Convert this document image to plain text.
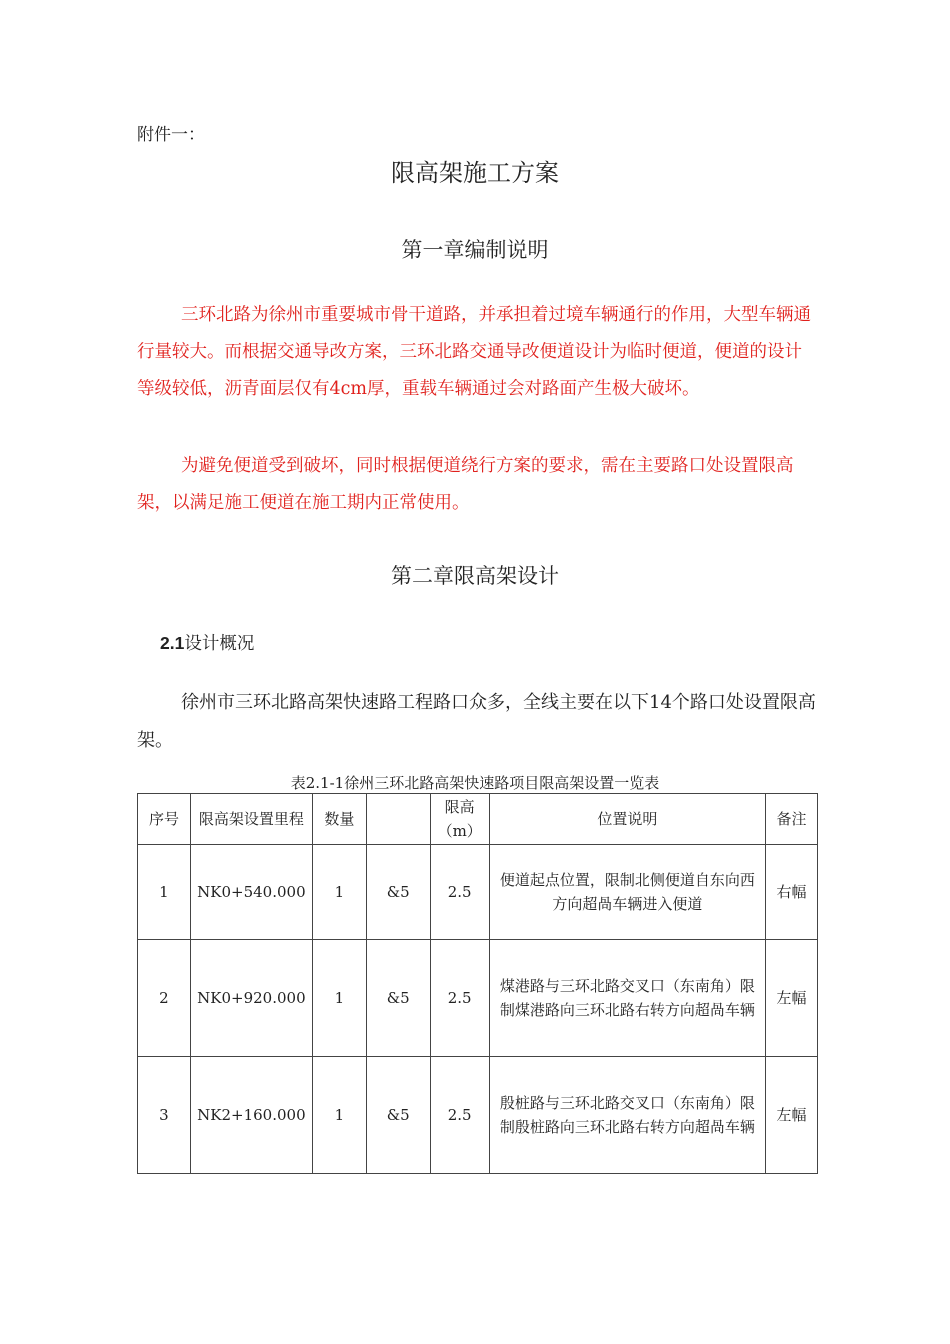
附件一：
限高架施工方案
第一章编制说明
三环北路为徐州市重要城市骨干道路，并承担着过境车辆通行的作用，大型车辆通行量较大。而根据交通导改方案，三环北路交通导改便道设计为临时便道，便道的设计等级较低，沥青面层仅有4cm厚，重载车辆通过会对路面产生极大破坏。
为避免便道受到破坏，同时根据便道绕行方案的要求，需在主要路口处设置限高架，以满足施工便道在施工期内正常使用。
第二章限高架设计
2.1设计概况
徐州市三环北路高架快速路工程路口众多，全线主要在以下14个路口处设置限高架。
表2.1-1徐州三环北路高架快速路项目限高架设置一览表
序号	限高架设置里程	数量		限高（m）	位置说明	备注
1	NK0+540.000	1	&5	2.5	便道起点位置，限制北侧便道自东向西方向超咼车辆进入便道	右幅
2	NK0+920.000	1	&5	2.5	煤港路与三环北路交叉口（东南角）限制煤港路向三环北路右转方向超咼车辆	左幅
3	NK2+160.000	1	&5	2.5	殷桩路与三环北路交叉口（东南角）限制殷桩路向三环北路右转方向超咼车辆	左幅
